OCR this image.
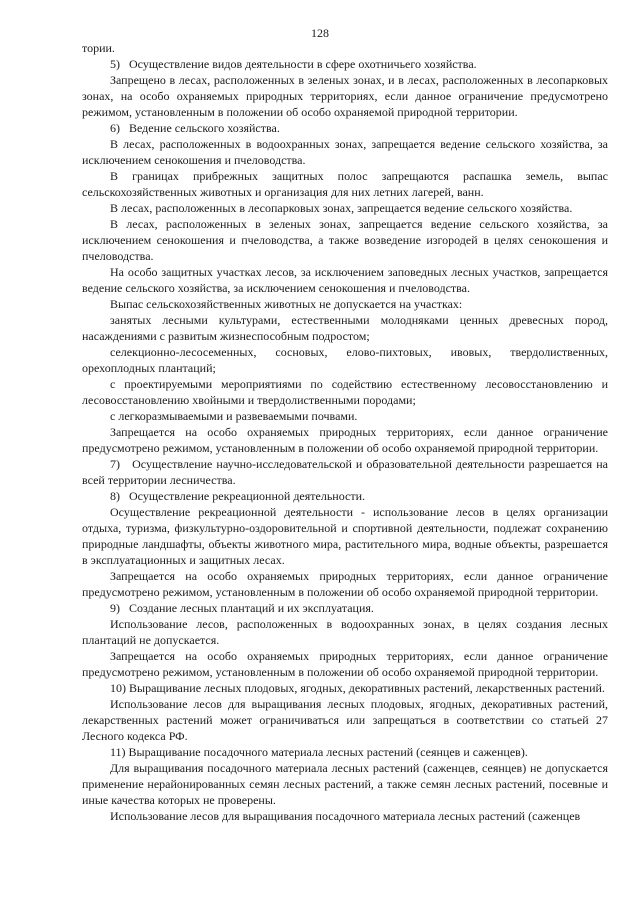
128

тории.

5)   Осуществление видов деятельности в сфере охотничьего хозяйства.

Запрещено в лесах, расположенных в зеленых зонах, и в лесах, расположенных в лесопарковых зонах, на особо охраняемых природных территориях, если данное ограничение предусмотрено режимом, установленным в положении об особо охраняемой природной территории.

6)   Ведение сельского хозяйства.

В лесах, расположенных в водоохранных зонах, запрещается ведение сельского хозяйства, за исключением сенокошения и пчеловодства.

В границах прибрежных защитных полос запрещаются распашка земель, выпас сельскохозяйственных животных и организация для них летних лагерей, ванн.

В лесах, расположенных в лесопарковых зонах, запрещается ведение сельского хозяйства.

В лесах, расположенных в зеленых зонах, запрещается ведение сельского хозяйства, за исключением сенокошения и пчеловодства, а также возведение изгородей в целях сенокошения и пчеловодства.

На особо защитных участках лесов, за исключением заповедных лесных участков, запрещается ведение сельского хозяйства, за исключением сенокошения и пчеловодства.

Выпас сельскохозяйственных животных не допускается на участках:

занятых лесными культурами, естественными молодняками ценных древесных пород, насаждениями с развитым жизнеспособным подростом;

селекционно-лесосеменных, сосновых, елово-пихтовых, ивовых, твердолиственных, орехоплодных плантаций;

с проектируемыми мероприятиями по содействию естественному лесовосстановлению и лесовосстановлению хвойными и твердолиственными породами;

с легкоразмываемыми и развеваемыми почвами.

Запрещается на особо охраняемых природных территориях, если данное ограничение предусмотрено режимом, установленным в положении об особо охраняемой природной территории.

7)   Осуществление научно-исследовательской и образовательной деятельности разрешается на всей территории лесничества.

8)   Осуществление рекреационной деятельности.

Осуществление рекреационной деятельности - использование лесов в целях организации отдыха, туризма, физкультурно-оздоровительной и спортивной деятельности, подлежат сохранению природные ландшафты, объекты животного мира, растительного мира, водные объекты, разрешается в эксплуатационных и защитных лесах.

Запрещается на особо охраняемых природных территориях, если данное ограничение предусмотрено режимом, установленным в положении об особо охраняемой природной территории.

9)   Создание лесных плантаций и их эксплуатация.

Использование лесов, расположенных в водоохранных зонах, в целях создания лесных плантаций не допускается.

Запрещается на особо охраняемых природных территориях, если данное ограничение предусмотрено режимом, установленным в положении об особо охраняемой природной территории.

10) Выращивание лесных плодовых, ягодных, декоративных растений, лекарственных растений.

Использование лесов для выращивания лесных плодовых, ягодных, декоративных растений, лекарственных растений может ограничиваться или запрещаться в соответствии со статьей 27 Лесного кодекса РФ.

11) Выращивание посадочного материала лесных растений (сеянцев и саженцев).

Для выращивания посадочного материала лесных растений (саженцев, сеянцев) не допускается применение нерайонированных семян лесных растений, а также семян лесных растений, посевные и иные качества которых не проверены.

Использование лесов для выращивания посадочного материала лесных растений (саженцев
